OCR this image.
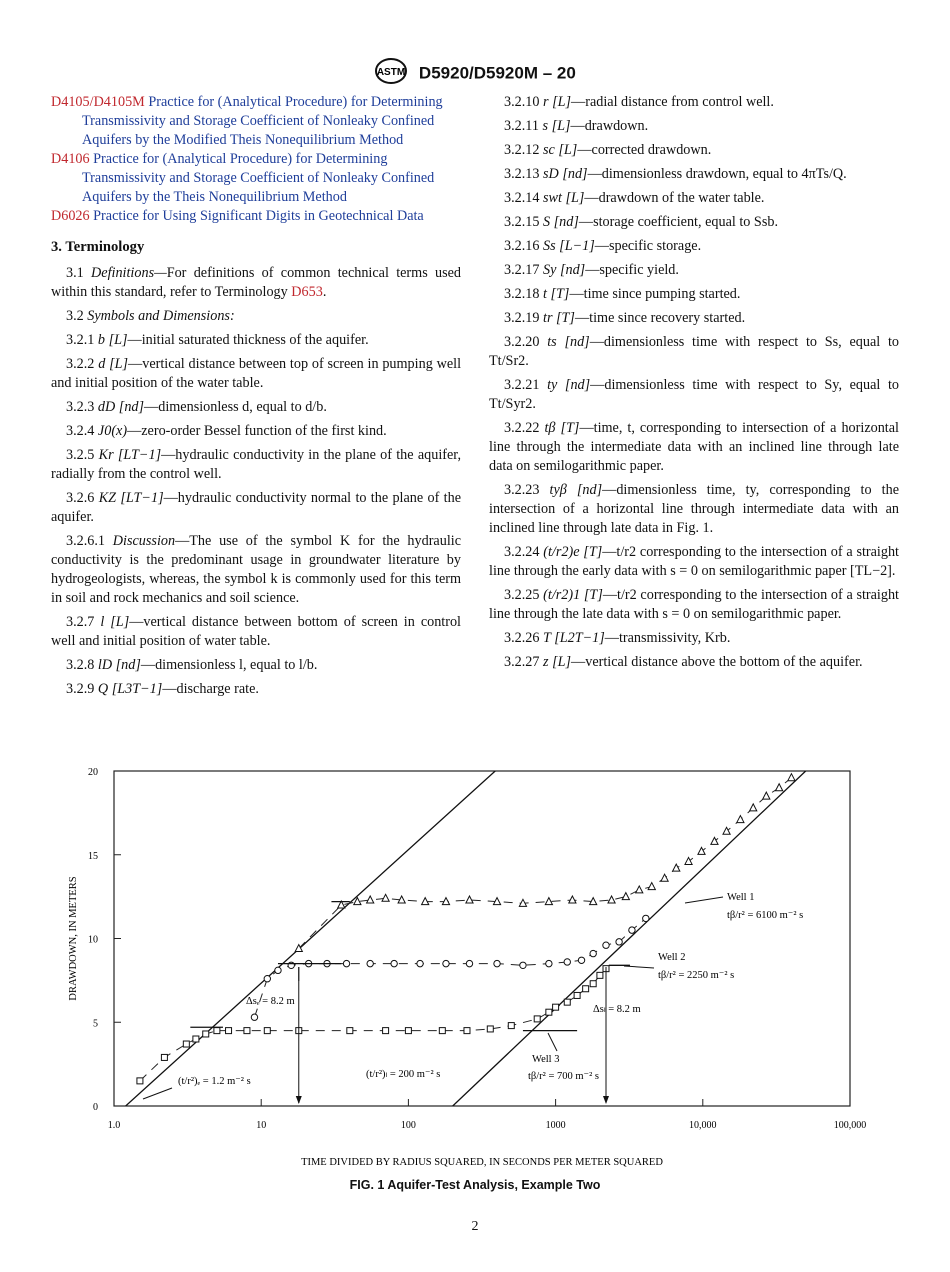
ASTM D5920/D5920M – 20
D4105/D4105M Practice for (Analytical Procedure) for Determining Transmissivity and Storage Coefficient of Nonleaky Confined Aquifers by the Modified Theis Nonequilibrium Method
D4106 Practice for (Analytical Procedure) for Determining Transmissivity and Storage Coefficient of Nonleaky Confined Aquifers by the Theis Nonequilibrium Method
D6026 Practice for Using Significant Digits in Geotechnical Data
3. Terminology

3.1 Definitions—For definitions of common technical terms used within this standard, refer to Terminology D653.

3.2 Symbols and Dimensions:

3.2.1 b [L]—initial saturated thickness of the aquifer.
3.2.2 d [L]—vertical distance between top of screen in pumping well and initial position of the water table.
3.2.3 dD [nd]—dimensionless d, equal to d/b.
3.2.4 J0(x)—zero-order Bessel function of the first kind.
3.2.5 Kr [LT−1]—hydraulic conductivity in the plane of the aquifer, radially from the control well.
3.2.6 KZ [LT−1]—hydraulic conductivity normal to the plane of the aquifer.
3.2.6.1 Discussion—The use of the symbol K for the hydraulic conductivity is the predominant usage in groundwater literature by hydrogeologists, whereas, the symbol k is commonly used for this term in soil and rock mechanics and soil science.
3.2.7 l [L]—vertical distance between bottom of screen in control well and initial position of water table.
3.2.8 lD [nd]—dimensionless l, equal to l/b.
3.2.9 Q [L3T−1]—discharge rate.
3.2.10 r [L]—radial distance from control well.
3.2.11 s [L]—drawdown.
3.2.12 sc [L]—corrected drawdown.
3.2.13 sD [nd]—dimensionless drawdown, equal to 4πTs/Q.
3.2.14 swt [L]—drawdown of the water table.
3.2.15 S [nd]—storage coefficient, equal to Ssb.
3.2.16 Ss [L−1]—specific storage.
3.2.17 Sy [nd]—specific yield.
3.2.18 t [T]—time since pumping started.
3.2.19 tr [T]—time since recovery started.
3.2.20 ts [nd]—dimensionless time with respect to Ss, equal to Tt/Sr2.
3.2.21 ty [nd]—dimensionless time with respect to Sy, equal to Tt/Syr2.
3.2.22 tβ [T]—time, t, corresponding to intersection of a horizontal line through the intermediate data with an inclined line through late data on semilogarithmic paper.
3.2.23 tyβ [nd]—dimensionless time, ty, corresponding to the intersection of a horizontal line through intermediate data with an inclined line through late data in Fig. 1.
3.2.24 (t/r2)e [T]—t/r2 corresponding to the intersection of a straight line through the early data with s = 0 on semilogarithmic paper [TL−2].
3.2.25 (t/r2)1 [T]—t/r2 corresponding to the intersection of a straight line through the late data with s = 0 on semilogarithmic paper.
3.2.26 T [L2T−1]—transmissivity, Krb.
3.2.27 z [L]—vertical distance above the bottom of the aquifer.
0
5
10
15
20
1.0	10	100	1000	10,000	100,000
TIME DIVIDED BY RADIUS SQUARED, IN SECONDS PER METER SQUARED
DRAWDOWN, IN METERS	Well 1
tβ/r² = 6100 m⁻² s
Well 2
tβ/r² = 2250 m⁻² s
Well 3
tβ/r² = 700 m⁻² s
Δsₑ = 8.2 m
Δsₗ = 8.2 m
(t/r²)ₑ = 1.2 m⁻² s
(t/r²)ₗ = 200 m⁻² s
FIG. 1 Aquifer-Test Analysis, Example Two
2
